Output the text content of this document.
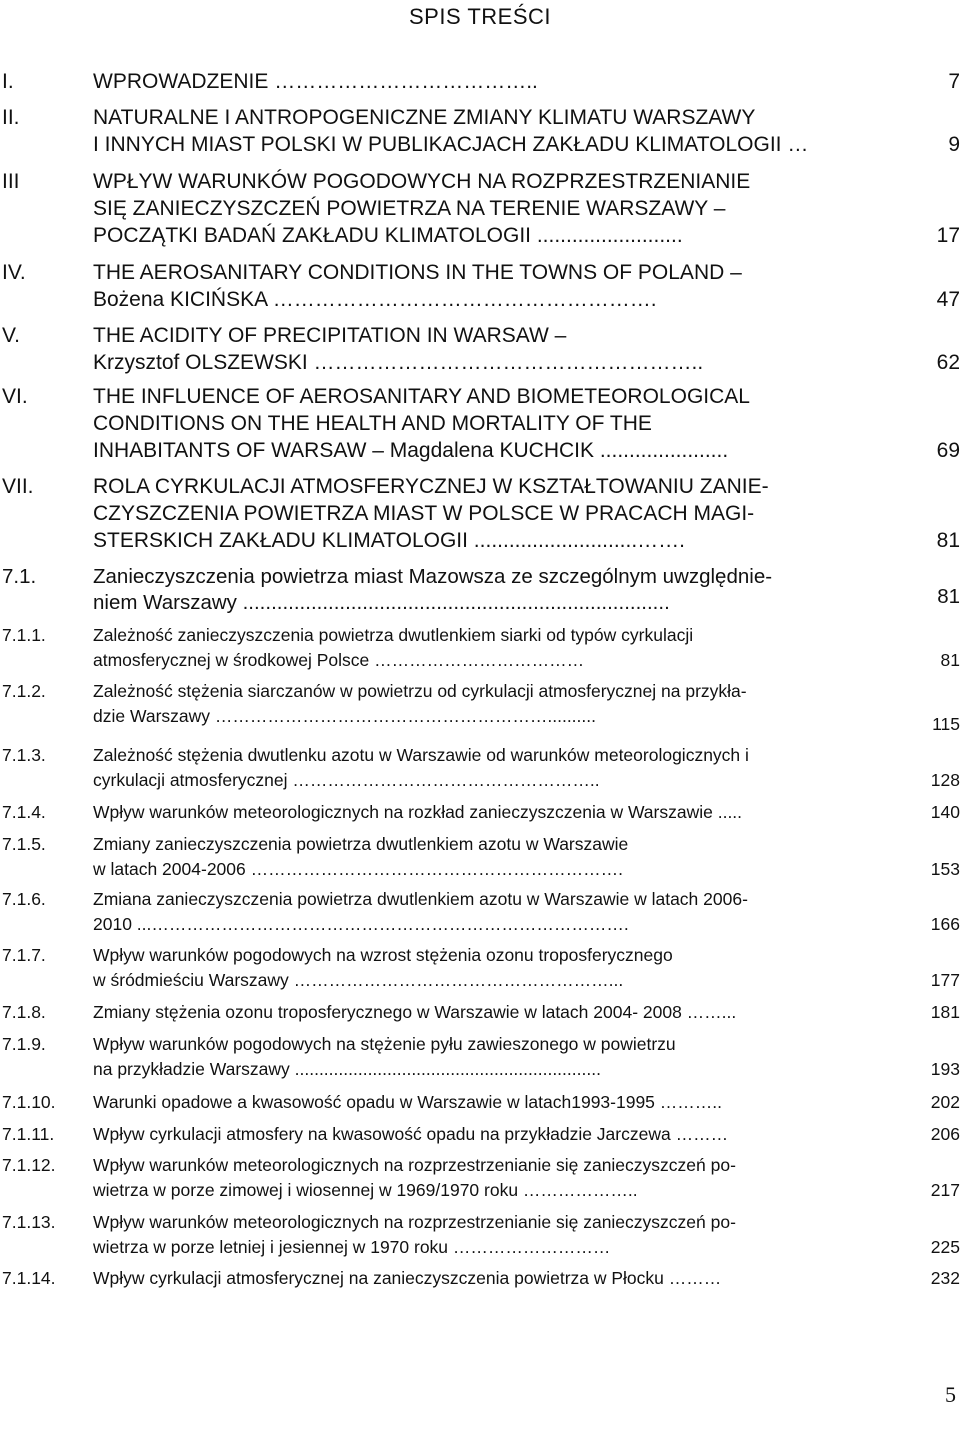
SPIS TREŚCI
I.	WPROWADZENIE ………………………………..	7
II.	NATURALNE I ANTROPOGENICZNE ZMIANY KLIMATU WARSZAWY
I INNYCH MIAST POLSKI W PUBLIKACJACH ZAKŁADU KLIMATOLOGII …	9
III	WPŁYW WARUNKÓW POGODOWYCH NA ROZPRZESTRZENIANIE
SIĘ ZANIECZYSZCZEŃ POWIETRZA NA TERENIE WARSZAWY –
POCZĄTKI BADAŃ ZAKŁADU KLIMATOLOGII .........................	17
IV.	THE AEROSANITARY CONDITIONS IN THE TOWNS OF POLAND –
Bożena KICIŃSKA ……………………………………………….	47
V.	THE ACIDITY OF PRECIPITATION IN WARSAW –
Krzysztof OLSZEWSKI ………………………………………………..	62
VI.	THE INFLUENCE OF AEROSANITARY AND BIOMETEOROLOGICAL
CONDITIONS ON THE HEALTH AND MORTALITY OF THE
INHABITANTS OF WARSAW – Magdalena KUCHCIK ......................	69
VII.	ROLA CYRKULACJI ATMOSFERYCZNEJ W KSZTAŁTOWANIU ZANIE-
CZYSZCZENIA POWIETRZA MIAST W POLSCE W PRACACH MAGI-
STERSKICH ZAKŁADU KLIMATOLOGII ............................…….	81
7.1.	Zanieczyszczenia powietrza miast Mazowsza ze szczególnym uwzględnie-
niem Warszawy ...........................................................................	81
7.1.1.	Zależność zanieczyszczenia powietrza dwutlenkiem siarki od typów cyrkulacji
atmosferycznej w środkowej Polsce ………………………………	81
7.1.2.	Zależność stężenia siarczanów w powietrzu od cyrkulacji atmosferycznej na przykła-
dzie Warszawy …………………………………………………..........	115
7.1.3.	Zależność stężenia dwutlenku azotu w Warszawie od warunków meteorologicznych i
cyrkulacji atmosferycznej ……………………………………………..	128
7.1.4.	Wpływ warunków meteorologicznych na rozkład zanieczyszczenia w Warszawie .....	140
7.1.5.	Zmiany zanieczyszczenia powietrza dwutlenkiem azotu w Warszawie
w latach 2004-2006 ……………………………………………………….	153
7.1.6.	Zmiana zanieczyszczenia powietrza dwutlenkiem azotu w Warszawie w latach 2006-
2010 ...……………………………………………………………………….	166
7.1.7.	Wpływ warunków pogodowych na wzrost stężenia ozonu troposferycznego
w śródmieściu Warszawy ………………………………………………...	177
7.1.8.	Zmiany stężenia ozonu troposferycznego w Warszawie w latach 2004- 2008 ……...	181
7.1.9.	Wpływ warunków pogodowych na stężenie pyłu zawieszonego w powietrzu
na przykładzie Warszawy ...............................................................	193
7.1.10. Warunki opadowe a kwasowość opadu w Warszawie w latach1993-1995 ………..	202
7.1.11. Wpływ cyrkulacji atmosfery na kwasowość opadu na przykładzie Jarczewa ………	206
7.1.12. Wpływ warunków meteorologicznych na rozprzestrzenianie się zanieczyszczeń po-
wietrza w porze zimowej i wiosennej w 1969/1970 roku ………………..	217
7.1.13. Wpływ warunków meteorologicznych na rozprzestrzenianie się zanieczyszczeń po-
wietrza w porze letniej i jesiennej w 1970 roku ………………………	225
7.1.14. Wpływ cyrkulacji atmosferycznej na zanieczyszczenia powietrza w Płocku ………	232
5
